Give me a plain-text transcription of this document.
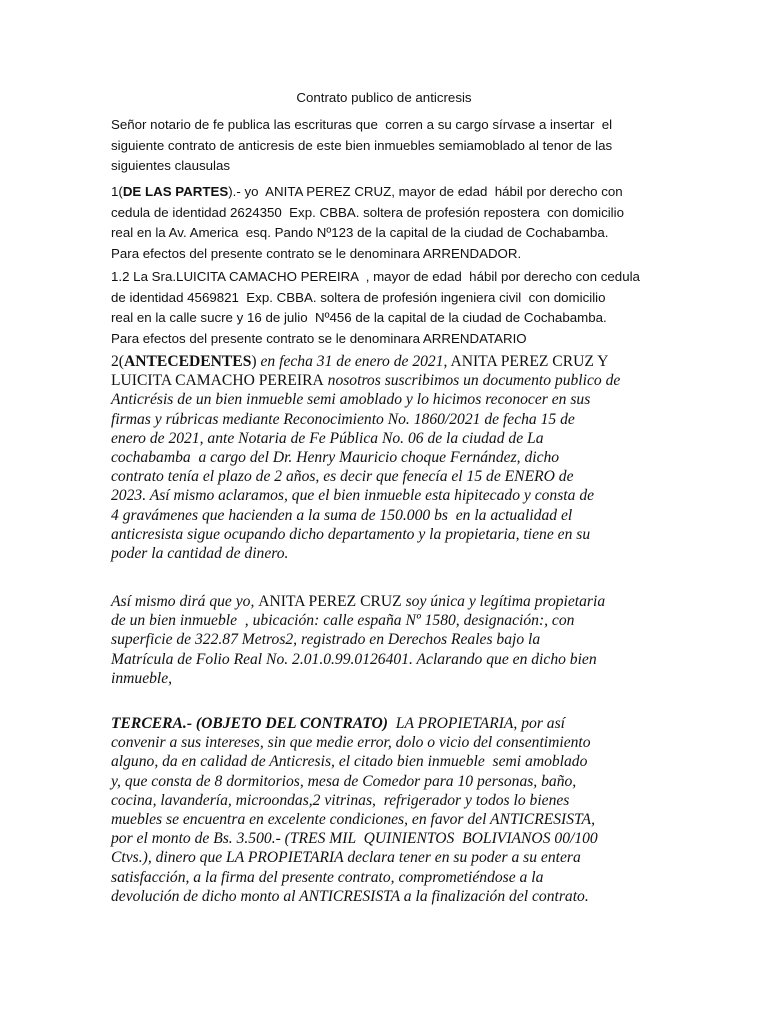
Contrato publico de anticresis

Señor notario de fe publica las escrituras que  corren a su cargo sírvase a insertar  el
siguiente contrato de anticresis de este bien inmuebles semiamoblado al tenor de las
siguientes clausulas
1(DE LAS PARTES).- yo  ANITA PEREZ CRUZ, mayor de edad  hábil por derecho con
cedula de identidad 2624350  Exp. CBBA. soltera de profesión repostera  con domicilio
real en la Av. America  esq. Pando Nº123 de la capital de la ciudad de Cochabamba.
Para efectos del presente contrato se le denominara ARRENDADOR.
1.2 La Sra.LUICITA CAMACHO PEREIRA  , mayor de edad  hábil por derecho con cedula
de identidad 4569821  Exp. CBBA. soltera de profesión ingeniera civil  con domicilio
real en la calle sucre y 16 de julio  Nº456 de la capital de la ciudad de Cochabamba.
Para efectos del presente contrato se le denominara ARRENDATARIO
2(ANTECEDENTES) en fecha 31 de enero de 2021, ANITA PEREZ CRUZ Y
LUICITA CAMACHO PEREIRA nosotros suscribimos un documento publico de
Anticrésis de un bien inmueble semi amoblado y lo hicimos reconocer en sus
firmas y rúbricas mediante Reconocimiento No. 1860/2021 de fecha 15 de
enero de 2021, ante Notaria de Fe Pública No. 06 de la ciudad de La
cochabamba  a cargo del Dr. Henry Mauricio choque Fernández, dicho
contrato tenía el plazo de 2 años, es decir que fenecía el 15 de ENERO de
2023. Así mismo aclaramos, que el bien inmueble esta hipitecado y consta de
4 gravámenes que hacienden a la suma de 150.000 bs  en la actualidad el
anticresista sigue ocupando dicho departamento y la propietaria, tiene en su
poder la cantidad de dinero.
Así mismo dirá que yo, ANITA PEREZ CRUZ soy única y legítima propietaria
de un bien inmueble  , ubicación: calle españa Nº 1580, designación:, con
superficie de 322.87 Metros2, registrado en Derechos Reales bajo la
Matrícula de Folio Real No. 2.01.0.99.0126401. Aclarando que en dicho bien
inmueble,
TERCERA.- (OBJETO DEL CONTRATO)  LA PROPIETARIA, por así
convenir a sus intereses, sin que medie error, dolo o vicio del consentimiento
alguno, da en calidad de Anticresis, el citado bien inmueble  semi amoblado
y, que consta de 8 dormitorios, mesa de Comedor para 10 personas, baño,
cocina, lavandería, microondas,2 vitrinas,  refrigerador y todos lo bienes
muebles se encuentra en excelente condiciones, en favor del ANTICRESISTA,
por el monto de Bs. 3.500.- (TRES MIL  QUINIENTOS  BOLIVIANOS 00/100
Ctvs.), dinero que LA PROPIETARIA declara tener en su poder a su entera
satisfacción, a la firma del presente contrato, comprometiéndose a la
devolución de dicho monto al ANTICRESISTA a la finalización del contrato.
